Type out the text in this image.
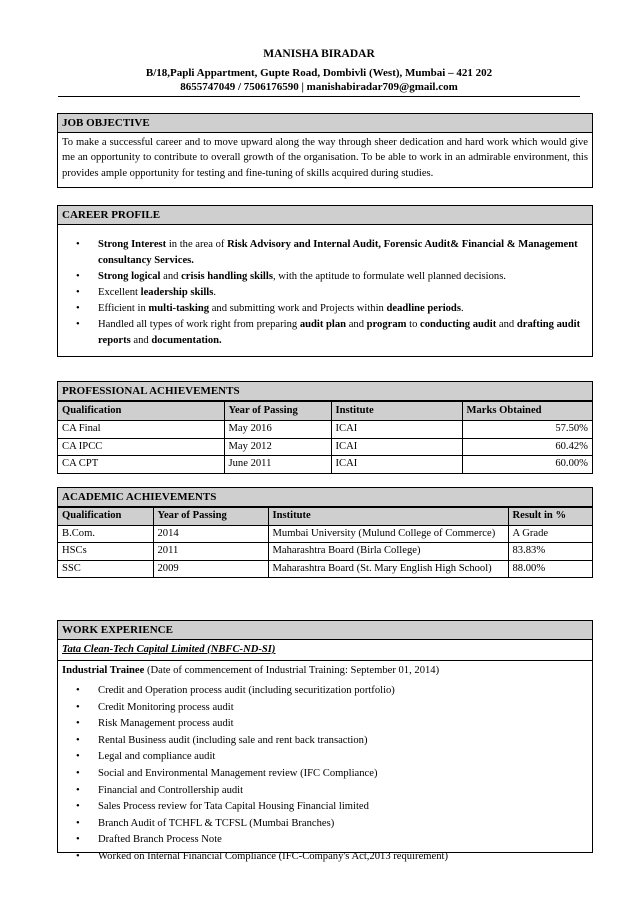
MANISHA BIRADAR
B/18,Papli Appartment, Gupte Road, Dombivli (West), Mumbai – 421 202
8655747049 / 7506176590 | manishabiradar709@gmail.com
JOB OBJECTIVE
To make a successful career and to move upward along the way through sheer dedication and hard work which would give me an opportunity to contribute to overall growth of the organisation. To be able to work in an admirable environment, this provides ample opportunity for testing and fine-tuning of skills acquired during studies.
CAREER PROFILE
• Strong Interest in the area of Risk Advisory and Internal Audit, Forensic Audit& Financial & Management consultancy Services.
• Strong logical and crisis handling skills, with the aptitude to formulate well planned decisions.
• Excellent leadership skills.
• Efficient in multi-tasking and submitting work and Projects within deadline periods.
• Handled all types of work right from preparing audit plan and program to conducting audit and drafting audit reports and documentation.
PROFESSIONAL ACHIEVEMENTS
Qualification	Year of Passing	Institute	Marks Obtained
CA Final	May 2016	ICAI	57.50%
CA IPCC	May 2012	ICAI	60.42%
CA CPT	June 2011	ICAI	60.00%
ACADEMIC ACHIEVEMENTS
Qualification	Year of Passing	Institute	Result in %
B.Com.	2014	Mumbai University (Mulund College of Commerce)	A Grade
HSCs	2011	Maharashtra Board (Birla College)	83.83%
SSC	2009	Maharashtra Board (St. Mary English High School)	88.00%
WORK EXPERIENCE
Tata Clean-Tech Capital Limited (NBFC-ND-SI)
Industrial Trainee (Date of commencement of Industrial Training: September 01, 2014)
• Credit and Operation process audit (including securitization portfolio)
• Credit Monitoring process audit
• Risk Management process audit
• Rental Business audit (including sale and rent back transaction)
• Legal and compliance audit
• Social and Environmental Management review (IFC Compliance)
• Financial and Controllership audit
• Sales Process review for Tata Capital Housing Financial limited
• Branch Audit of TCHFL & TCFSL (Mumbai Branches)
• Drafted Branch Process Note
• Worked on Internal Financial Compliance (IFC-Company's Act,2013 requirement)
